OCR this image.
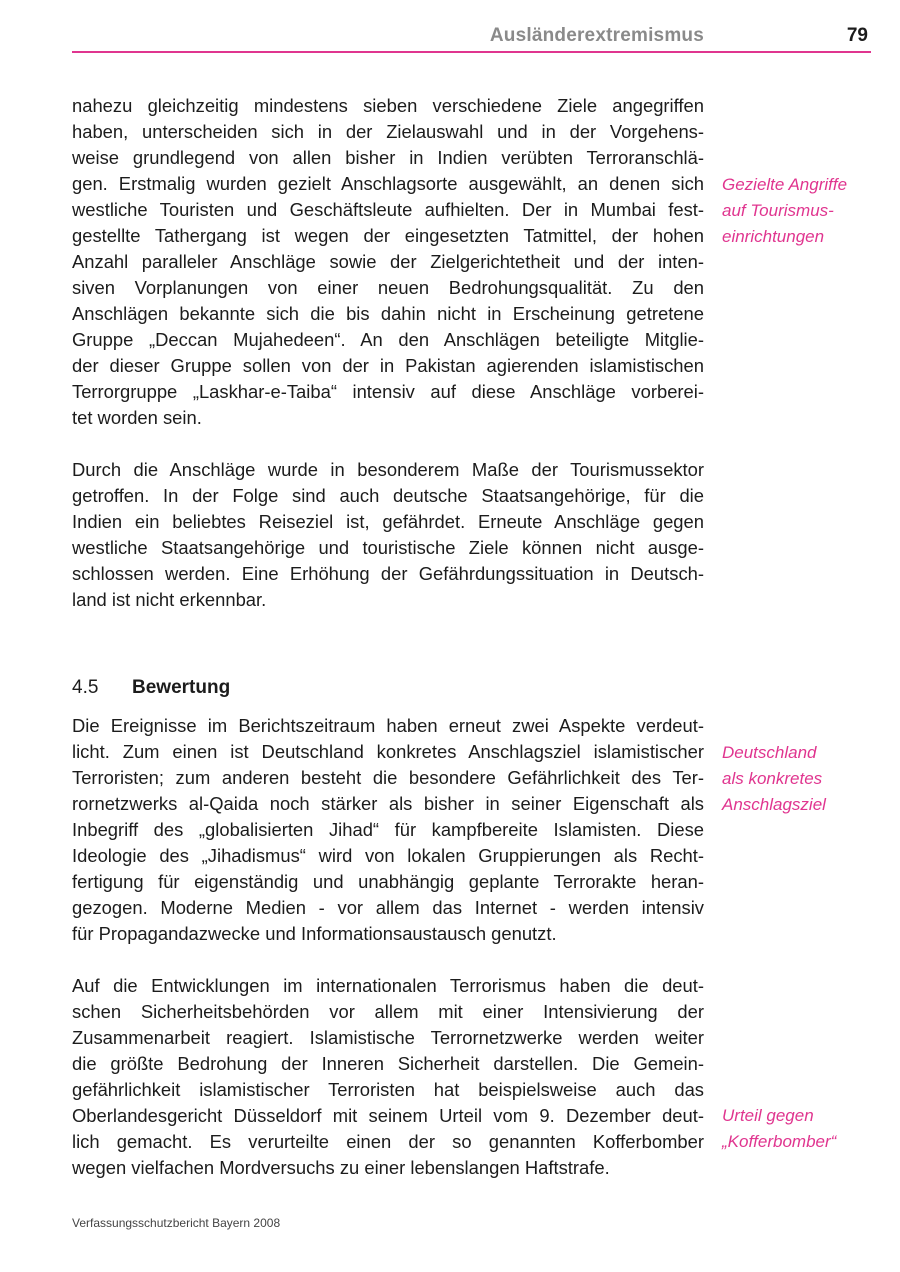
Ausländerextremismus	79

nahezu gleichzeitig mindestens sieben verschiedene Ziele angegriffen
haben, unterscheiden sich in der Zielauswahl und in der Vorgehens-
weise grundlegend von allen bisher in Indien verübten Terroranschlä-
gen. Erstmalig wurden gezielt Anschlagsorte ausgewählt, an denen sich
westliche Touristen und Geschäftsleute aufhielten. Der in Mumbai fest-
gestellte Tathergang ist wegen der eingesetzten Tatmittel, der hohen
Anzahl paralleler Anschläge sowie der Zielgerichtetheit und der inten-
siven Vorplanungen von einer neuen Bedrohungsqualität. Zu den
Anschlägen bekannte sich die bis dahin nicht in Erscheinung getretene
Gruppe „Deccan Mujahedeen“. An den Anschlägen beteiligte Mitglie-
der dieser Gruppe sollen von der in Pakistan agierenden islamistischen
Terrorgruppe „Laskhar-e-Taiba“ intensiv auf diese Anschläge vorberei-
tet worden sein.

Gezielte Angriffe
auf Tourismus-
einrichtungen

Durch die Anschläge wurde in besonderem Maße der Tourismussektor
getroffen. In der Folge sind auch deutsche Staatsangehörige, für die
Indien ein beliebtes Reiseziel ist, gefährdet. Erneute Anschläge gegen
westliche Staatsangehörige und touristische Ziele können nicht ausge-
schlossen werden. Eine Erhöhung der Gefährdungssituation in Deutsch-
land ist nicht erkennbar.

4.5 Bewertung

Die Ereignisse im Berichtszeitraum haben erneut zwei Aspekte verdeut-
licht. Zum einen ist Deutschland konkretes Anschlagsziel islamistischer
Terroristen; zum anderen besteht die besondere Gefährlichkeit des Ter-
rornetzwerks al-Qaida noch stärker als bisher in seiner Eigenschaft als
Inbegriff des „globalisierten Jihad“ für kampfbereite Islamisten. Diese
Ideologie des „Jihadismus“ wird von lokalen Gruppierungen als Recht-
fertigung für eigenständig und unabhängig geplante Terrorakte heran-
gezogen. Moderne Medien - vor allem das Internet - werden intensiv
für Propagandazwecke und Informationsaustausch genutzt.

Deutschland
als konkretes
Anschlagsziel

Auf die Entwicklungen im internationalen Terrorismus haben die deut-
schen Sicherheitsbehörden vor allem mit einer Intensivierung der
Zusammenarbeit reagiert. Islamistische Terrornetzwerke werden weiter
die größte Bedrohung der Inneren Sicherheit darstellen. Die Gemein-
gefährlichkeit islamistischer Terroristen hat beispielsweise auch das
Oberlandesgericht Düsseldorf mit seinem Urteil vom 9. Dezember deut-
lich gemacht. Es verurteilte einen der so genannten Kofferbomber
wegen vielfachen Mordversuchs zu einer lebenslangen Haftstrafe.

Urteil gegen
„Kofferbomber“
Verfassungsschutzbericht Bayern 2008
